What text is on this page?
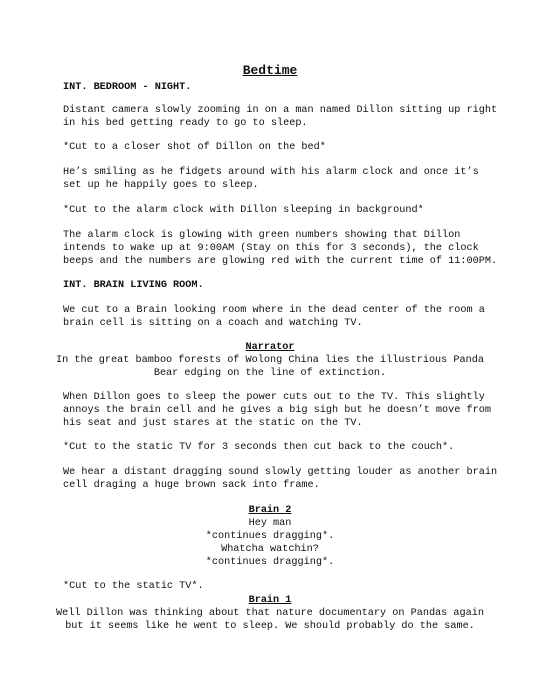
Bedtime
INT. BEDROOM - NIGHT.
Distant camera slowly zooming in on a man named Dillon sitting up right
in his bed getting ready to go to sleep.
*Cut to a closer shot of Dillon on the bed*
He’s smiling as he fidgets around with his alarm clock and once it’s
set up he happily goes to sleep.
*Cut to the alarm clock with Dillon sleeping in background*
The alarm clock is glowing with green numbers showing that Dillon
intends to wake up at 9:00AM (Stay on this for 3 seconds), the clock
beeps and the numbers are glowing red with the current time of 11:00PM.
INT. BRAIN LIVING ROOM.
We cut to a Brain looking room where in the dead center of the room a
brain cell is sitting on a coach and watching TV.
Narrator
In the great bamboo forests of Wolong China lies the illustrious Panda
Bear edging on the line of extinction.
When Dillon goes to sleep the power cuts out to the TV. This slightly
annoys the brain cell and he gives a big sigh but he doesn’t move from
his seat and just stares at the static on the TV.
*Cut to the static TV for 3 seconds then cut back to the couch*.
We hear a distant dragging sound slowly getting louder as another brain
cell draging a huge brown sack into frame.
Brain 2
Hey man
*continues dragging*.
Whatcha watchin?
*continues dragging*.
*Cut to the static TV*.
Brain 1
Well Dillon was thinking about that nature documentary on Pandas again
but it seems like he went to sleep. We should probably do the same.
